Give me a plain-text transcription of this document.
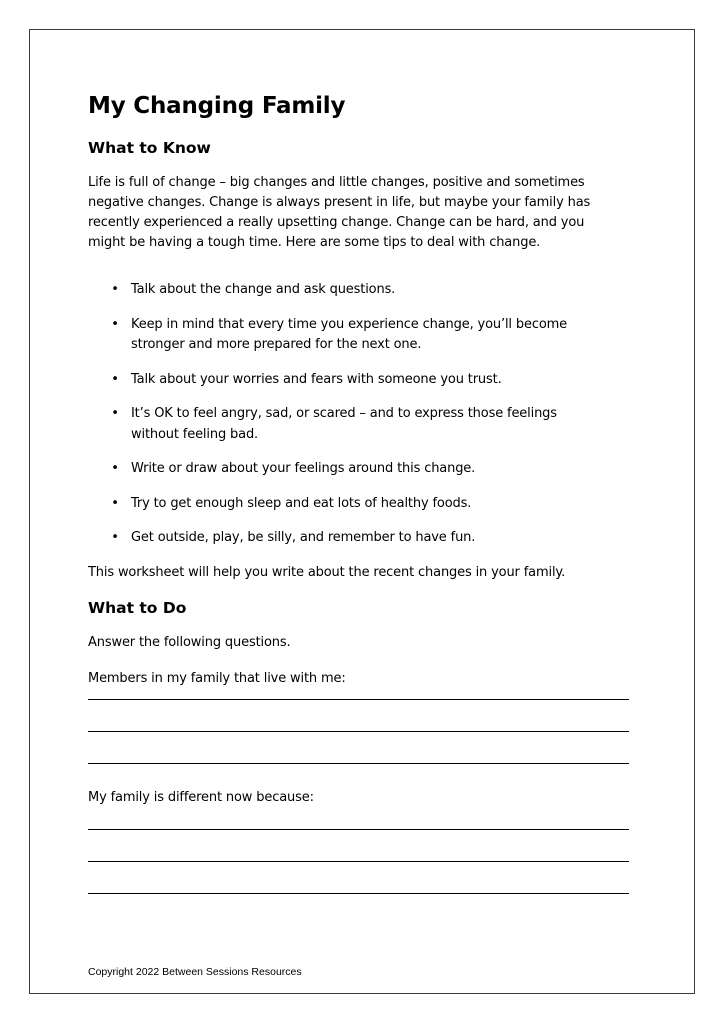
My Changing Family
What to Know
Life is full of change – big changes and little changes, positive and sometimes
negative changes. Change is always present in life, but maybe your family has
recently experienced a really upsetting change. Change can be hard, and you
might be having a tough time. Here are some tips to deal with change.
• Talk about the change and ask questions.
• Keep in mind that every time you experience change, you’ll become
stronger and more prepared for the next one.
• Talk about your worries and fears with someone you trust.
• It’s OK to feel angry, sad, or scared – and to express those feelings
without feeling bad.
• Write or draw about your feelings around this change.
• Try to get enough sleep and eat lots of healthy foods.
• Get outside, play, be silly, and remember to have fun.
This worksheet will help you write about the recent changes in your family.
What to Do
Answer the following questions.
Members in my family that live with me:
My family is different now because:
Copyright 2022 Between Sessions Resources
